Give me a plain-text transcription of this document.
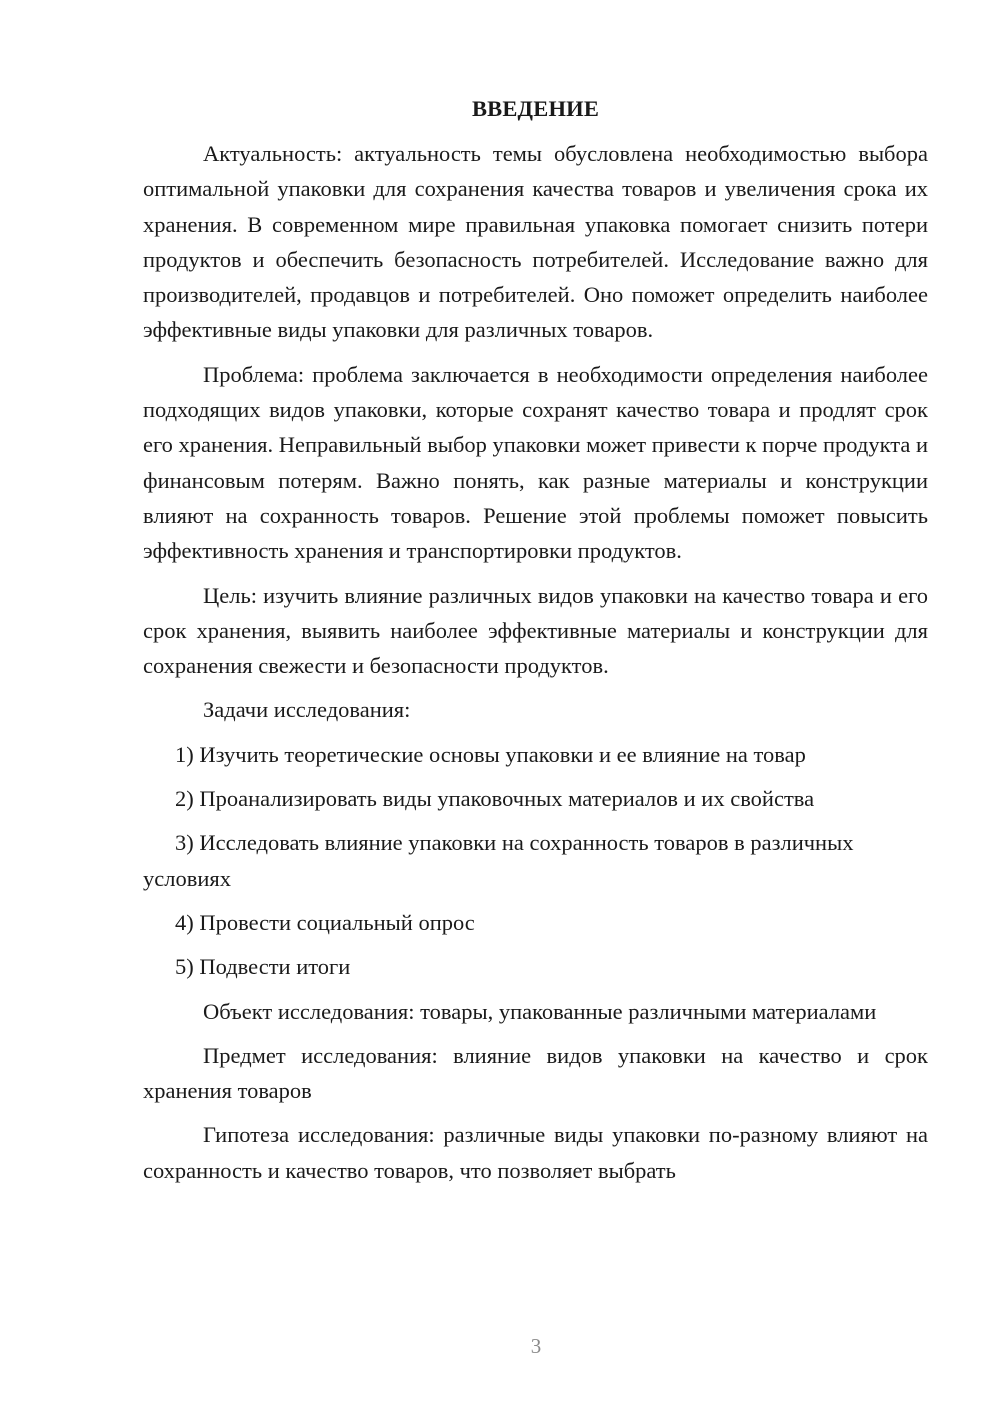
ВВЕДЕНИЕ

Актуальность: актуальность темы обусловлена необходимостью выбора оптимальной упаковки для сохранения качества товаров и увеличения срока их хранения. В современном мире правильная упаковка помогает снизить потери продуктов и обеспечить безопасность потребителей. Исследование важно для производителей, продавцов и потребителей. Оно поможет определить наиболее эффективные виды упаковки для различных товаров.

Проблема: проблема заключается в необходимости определения наиболее подходящих видов упаковки, которые сохранят качество товара и продлят срок его хранения. Неправильный выбор упаковки может привести к порче продукта и финансовым потерям. Важно понять, как разные материалы и конструкции влияют на сохранность товаров. Решение этой проблемы поможет повысить эффективность хранения и транспортировки продуктов.

Цель: изучить влияние различных видов упаковки на качество товара и его срок хранения, выявить наиболее эффективные материалы и конструкции для сохранения свежести и безопасности продуктов.

Задачи исследования:

1) Изучить теоретические основы упаковки и ее влияние на товар
2) Проанализировать виды упаковочных материалов и их свойства
3) Исследовать влияние упаковки на сохранность товаров в различных условиях
4) Провести социальный опрос
5) Подвести итоги

Объект исследования: товары, упакованные различными материалами

Предмет исследования: влияние видов упаковки на качество и срок хранения товаров

Гипотеза исследования: различные виды упаковки по-разному влияют на сохранность и качество товаров, что позволяет выбрать

3
